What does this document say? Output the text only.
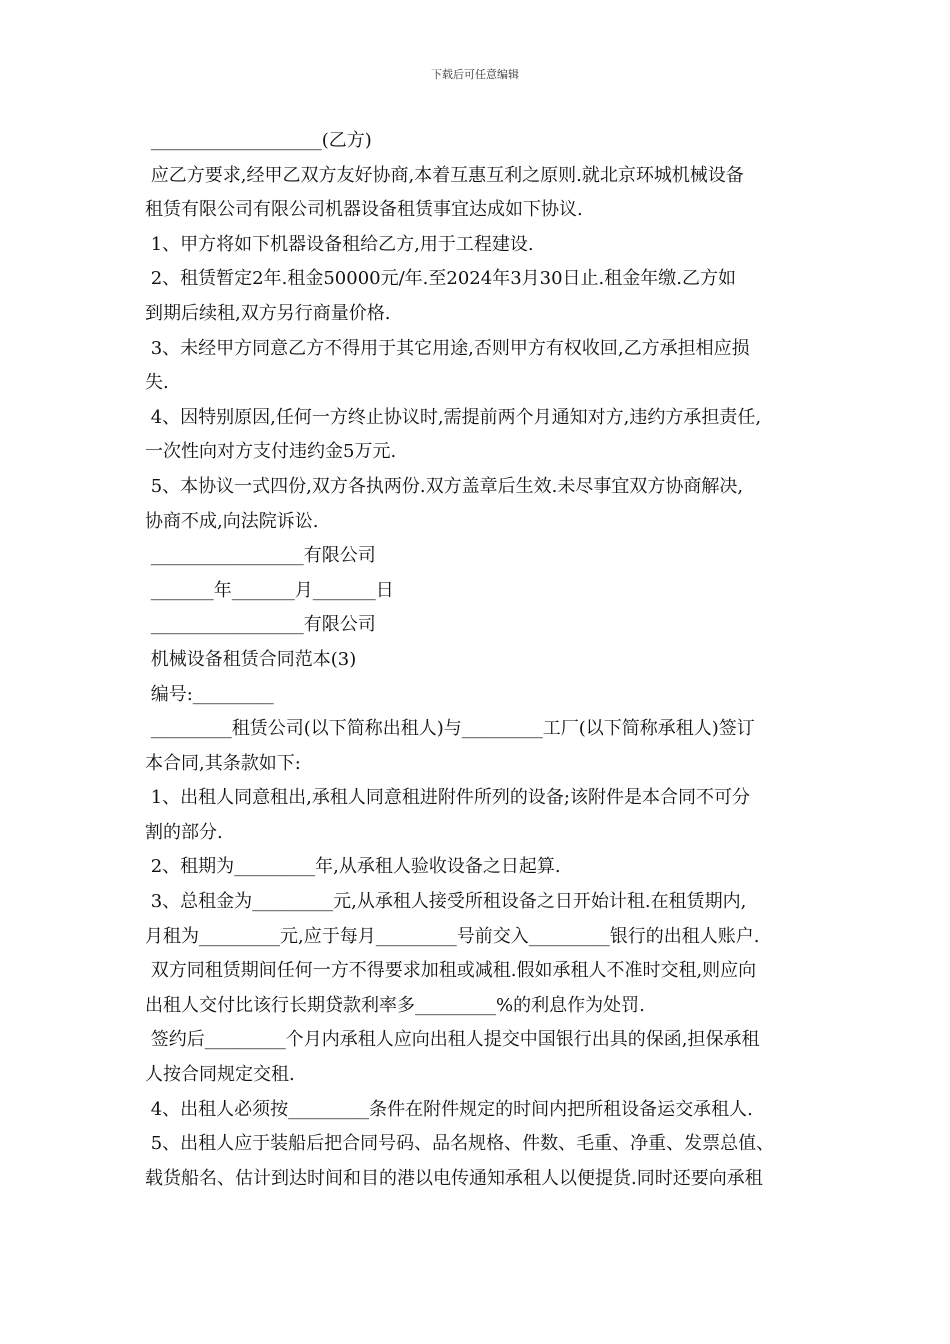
下载后可任意编辑
___________________(乙方)
应乙方要求,经甲乙双方友好协商,本着互惠互利之原则.就北京环城机械设备
租赁有限公司有限公司机器设备租赁事宜达成如下协议.
1、甲方将如下机器设备租给乙方,用于工程建设.
2、租赁暂定2年.租金50000元/年.至2024年3月30日止.租金年缴.乙方如
到期后续租,双方另行商量价格.
3、未经甲方同意乙方不得用于其它用途,否则甲方有权收回,乙方承担相应损
失.
4、因特别原因,任何一方终止协议时,需提前两个月通知对方,违约方承担责任,
一次性向对方支付违约金5万元.
5、本协议一式四份,双方各执两份.双方盖章后生效.未尽事宜双方协商解决,
协商不成,向法院诉讼.
_________________有限公司
_______年_______月_______日
_________________有限公司
机械设备租赁合同范本(3)
编号:_________
_________租赁公司(以下简称出租人)与_________工厂(以下简称承租人)签订
本合同,其条款如下:
1、出租人同意租出,承租人同意租进附件所列的设备;该附件是本合同不可分
割的部分.
2、租期为_________年,从承租人验收设备之日起算.
3、总租金为_________元,从承租人接受所租设备之日开始计租.在租赁期内,
月租为_________元,应于每月_________号前交入_________银行的出租人账户.
双方同租赁期间任何一方不得要求加租或减租.假如承租人不准时交租,则应向
出租人交付比该行长期贷款利率多_________%的利息作为处罚.
签约后_________个月内承租人应向出租人提交中国银行出具的保函,担保承租
人按合同规定交租.
4、出租人必须按_________条件在附件规定的时间内把所租设备运交承租人.
5、出租人应于装船后把合同号码、品名规格、件数、毛重、净重、发票总值、
载货船名、估计到达时间和目的港以电传通知承租人以便提货.同时还要向承租
